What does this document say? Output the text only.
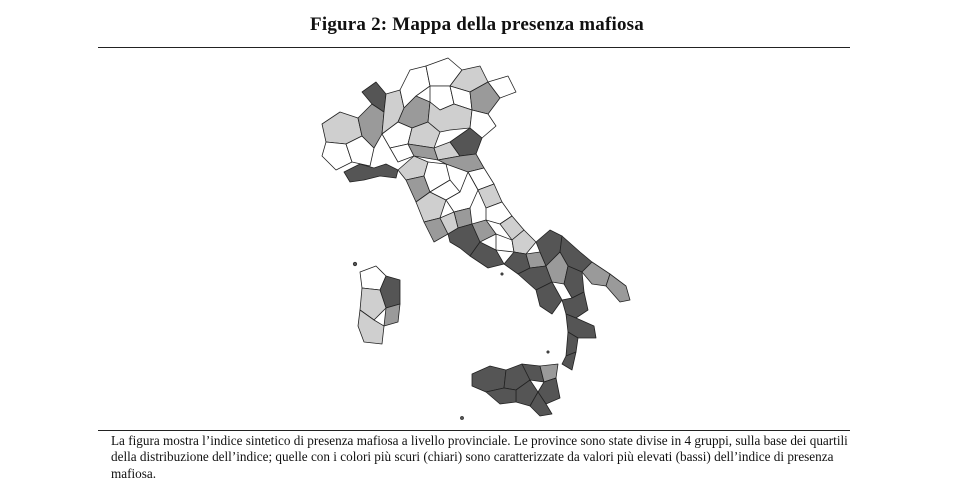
Figura 2: Mappa della presenza mafiosa
La figura mostra l’indice sintetico di presenza mafiosa a livello provinciale. Le province sono state divise in 4 gruppi, sulla base dei quartili della distribuzione dell’indice; quelle con i colori più scuri (chiari) sono caratterizzate da valori più elevati (bassi) dell’indice di presenza mafiosa.
